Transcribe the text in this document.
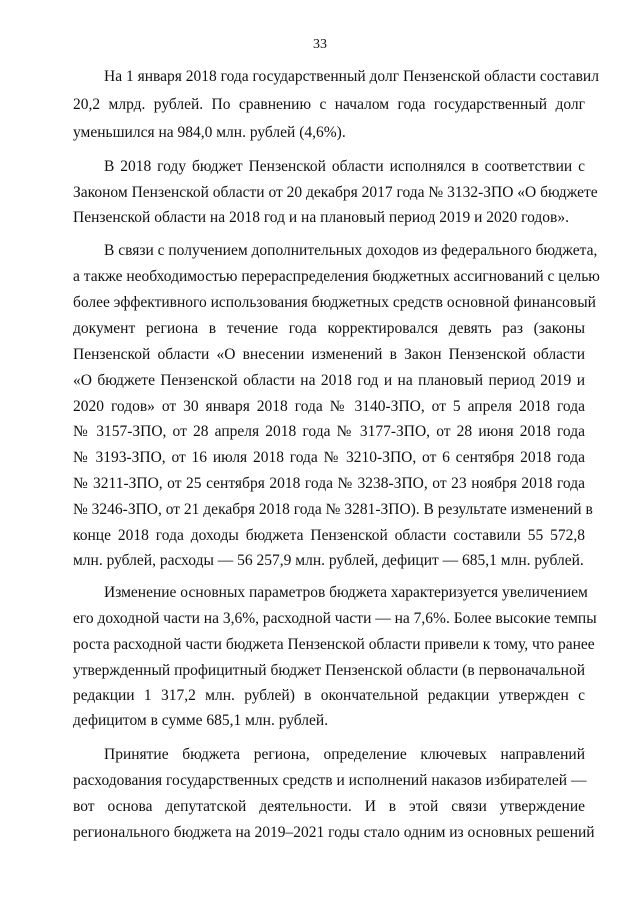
33
На 1 января 2018 года государственный долг Пензенской области составил
20,2 млрд. рублей. По сравнению с началом года государственный долг
уменьшился на 984,0 млн. рублей (4,6%).
В 2018 году бюджет Пензенской области исполнялся в соответствии с
Законом Пензенской области от 20 декабря 2017 года № 3132-ЗПО «О бюджете
Пензенской области на 2018 год и на плановый период 2019 и 2020 годов».
В связи с получением дополнительных доходов из федерального бюджета,
а также необходимостью перераспределения бюджетных ассигнований с целью
более эффективного использования бюджетных средств основной финансовый
документ региона в течение года корректировался девять раз (законы
Пензенской области «О внесении изменений в Закон Пензенской области
«О бюджете Пензенской области на 2018 год и на плановый период 2019 и
2020 годов» от 30 января 2018 года № 3140-ЗПО, от 5 апреля 2018 года
№ 3157-ЗПО, от 28 апреля 2018 года № 3177-ЗПО, от 28 июня 2018 года
№ 3193-ЗПО, от 16 июля 2018 года № 3210-ЗПО, от 6 сентября 2018 года
№ 3211-ЗПО, от 25 сентября 2018 года № 3238-ЗПО, от 23 ноября 2018 года
№ 3246-ЗПО, от 21 декабря 2018 года № 3281-ЗПО). В результате изменений в
конце 2018 года доходы бюджета Пензенской области составили 55 572,8
млн. рублей, расходы — 56 257,9 млн. рублей, дефицит — 685,1 млн. рублей.
Изменение основных параметров бюджета характеризуется увеличением
его доходной части на 3,6%, расходной части — на 7,6%. Более высокие темпы
роста расходной части бюджета Пензенской области привели к тому, что ранее
утвержденный профицитный бюджет Пензенской области (в первоначальной
редакции 1 317,2 млн. рублей) в окончательной редакции утвержден с
дефицитом в сумме 685,1 млн. рублей.
Принятие бюджета региона, определение ключевых направлений
расходования государственных средств и исполнений наказов избирателей —
вот основа депутатской деятельности. И в этой связи утверждение
регионального бюджета на 2019–2021 годы стало одним из основных решений
